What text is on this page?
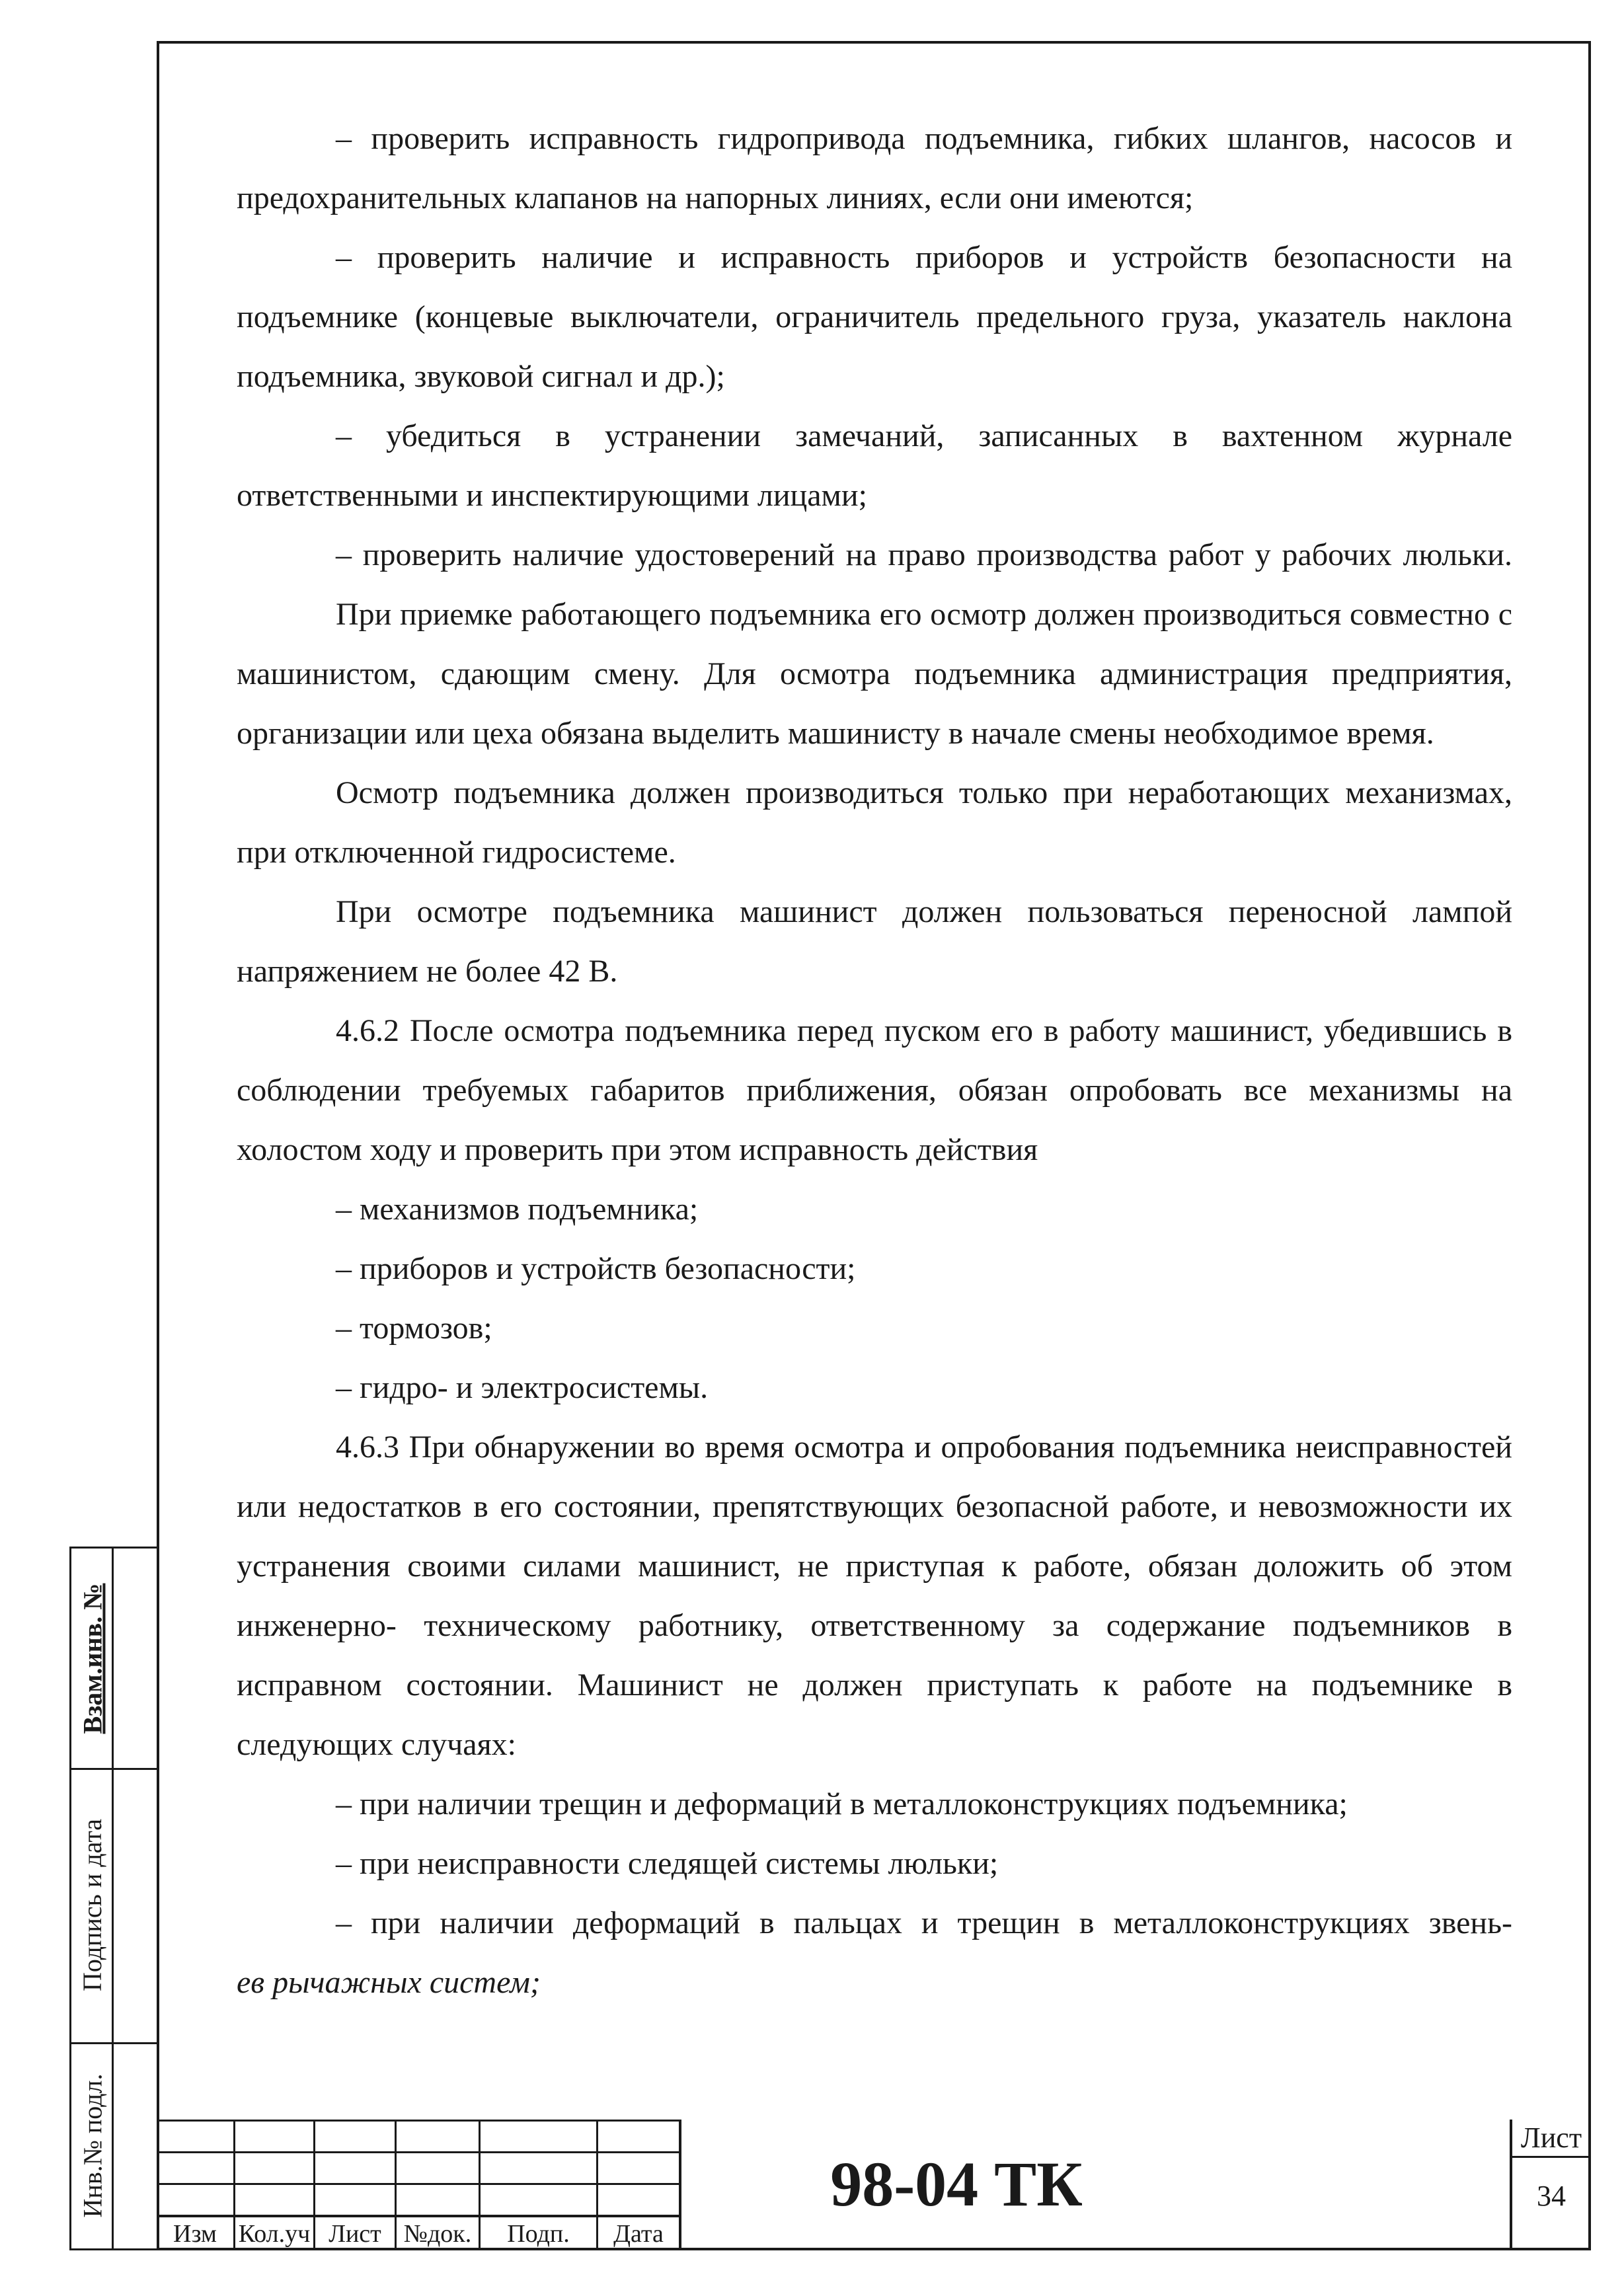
Взам.инв. №
Подпись и дата
Инв.№ подл.

– проверить исправность гидропривода подъемника, гибких шлангов, насосов и предохранительных клапанов на напорных линиях, если они имеются;

– проверить наличие и исправность приборов и устройств безопасности на подъемнике (концевые выключатели, ограничитель предельного груза, указатель наклона подъемника, звуковой сигнал и др.);

– убедиться в устранении замечаний, записанных в вахтенном журнале ответственными и инспектирующими лицами;

– проверить наличие удостоверений на право производства работ у рабочих люльки.

При приемке работающего подъемника его осмотр должен производиться совместно с машинистом, сдающим смену. Для осмотра подъемника администрация предприятия, организации или цеха обязана выделить машинисту в начале смены необходимое время.

Осмотр подъемника должен производиться только при неработающих механизмах, при отключенной гидросистеме.

При осмотре подъемника машинист должен пользоваться переносной лампой напряжением не более 42 В.

4.6.2 После осмотра подъемника перед пуском его в работу машинист, убедившись в соблюдении требуемых габаритов приближения, обязан опробовать все механизмы на холостом ходу и проверить при этом исправность действия

– механизмов подъемника;

– приборов и устройств безопасности;

– тормозов;

– гидро- и электросистемы.

4.6.3 При обнаружении во время осмотра и опробования подъемника неисправностей или недостатков в его состоянии, препятствующих безопасной работе, и невозможности их устранения своими силами машинист, не приступая к работе, обязан доложить об этом инженерно- техническому работнику, ответственному за содержание подъемников в исправном состоянии. Машинист не должен приступать к работе на подъемнике в следующих случаях:

– при наличии трещин и деформаций в металлоконструкциях подъемника;

– при неисправности следящей системы люльки;

– при наличии деформаций в пальцах и трещин в металлоконструкциях звень-

ев рычажных систем;

Изм Кол.уч Лист №док.	Подп.	Дата
98-04 ТК
Лист
34
